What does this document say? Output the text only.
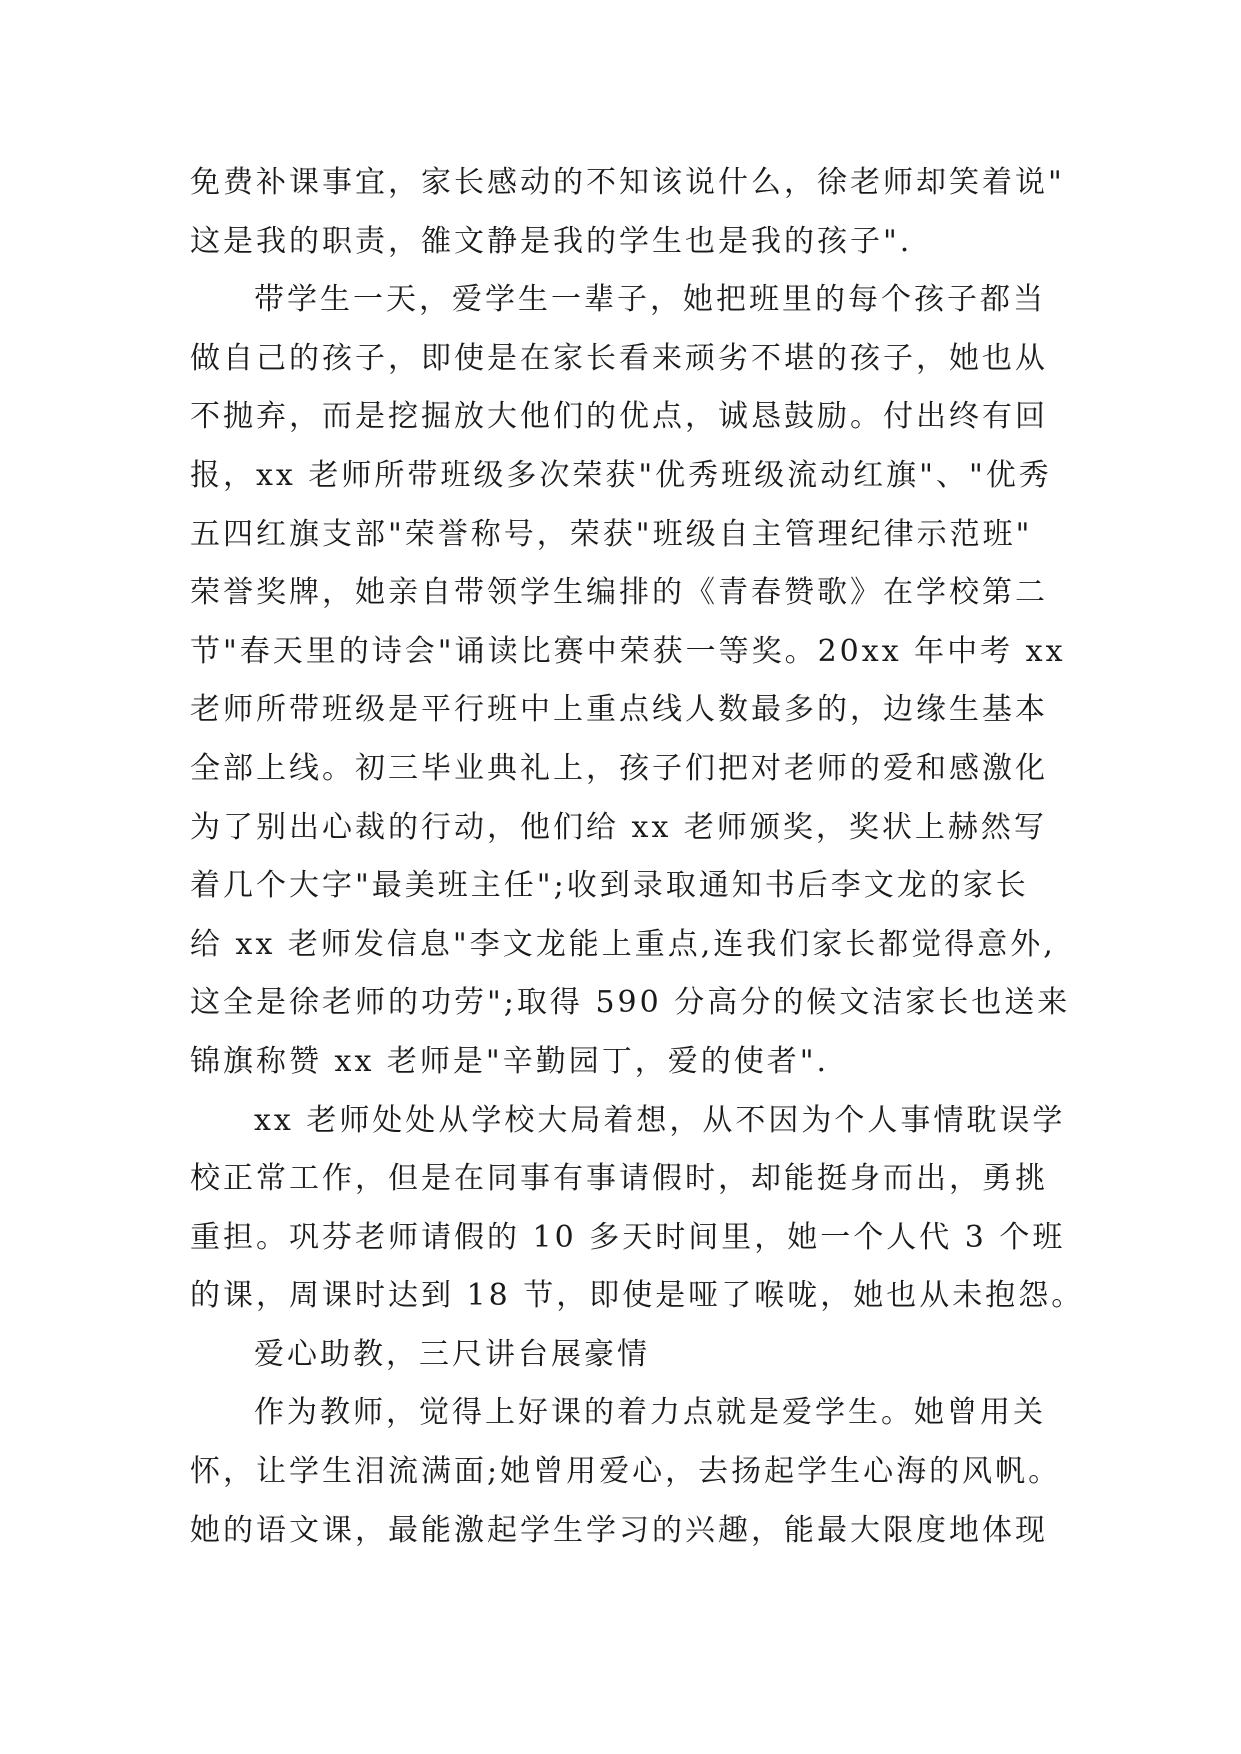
免费补课事宜，家长感动的不知该说什么，徐老师却笑着说"
这是我的职责，雒文静是我的学生也是我的孩子".
带学生一天，爱学生一辈子，她把班里的每个孩子都当
做自己的孩子，即使是在家长看来顽劣不堪的孩子，她也从
不抛弃，而是挖掘放大他们的优点，诚恳鼓励。付出终有回
报，xx 老师所带班级多次荣获"优秀班级流动红旗"、"优秀
五四红旗支部"荣誉称号，荣获"班级自主管理纪律示范班"
荣誉奖牌，她亲自带领学生编排的《青春赞歌》在学校第二
节"春天里的诗会"诵读比赛中荣获一等奖。20xx 年中考 xx
老师所带班级是平行班中上重点线人数最多的，边缘生基本
全部上线。初三毕业典礼上，孩子们把对老师的爱和感激化
为了别出心裁的行动，他们给 xx 老师颁奖，奖状上赫然写
着几个大字"最美班主任";收到录取通知书后李文龙的家长
给 xx 老师发信息"李文龙能上重点,连我们家长都觉得意外,
这全是徐老师的功劳";取得 590 分高分的候文洁家长也送来
锦旗称赞 xx 老师是"辛勤园丁，爱的使者".
xx 老师处处从学校大局着想，从不因为个人事情耽误学
校正常工作，但是在同事有事请假时，却能挺身而出，勇挑
重担。巩芬老师请假的 10 多天时间里，她一个人代 3 个班
的课，周课时达到 18 节，即使是哑了喉咙，她也从未抱怨。
爱心助教，三尺讲台展豪情
作为教师，觉得上好课的着力点就是爱学生。她曾用关
怀，让学生泪流满面;她曾用爱心，去扬起学生心海的风帆。
她的语文课，最能激起学生学习的兴趣，能最大限度地体现
